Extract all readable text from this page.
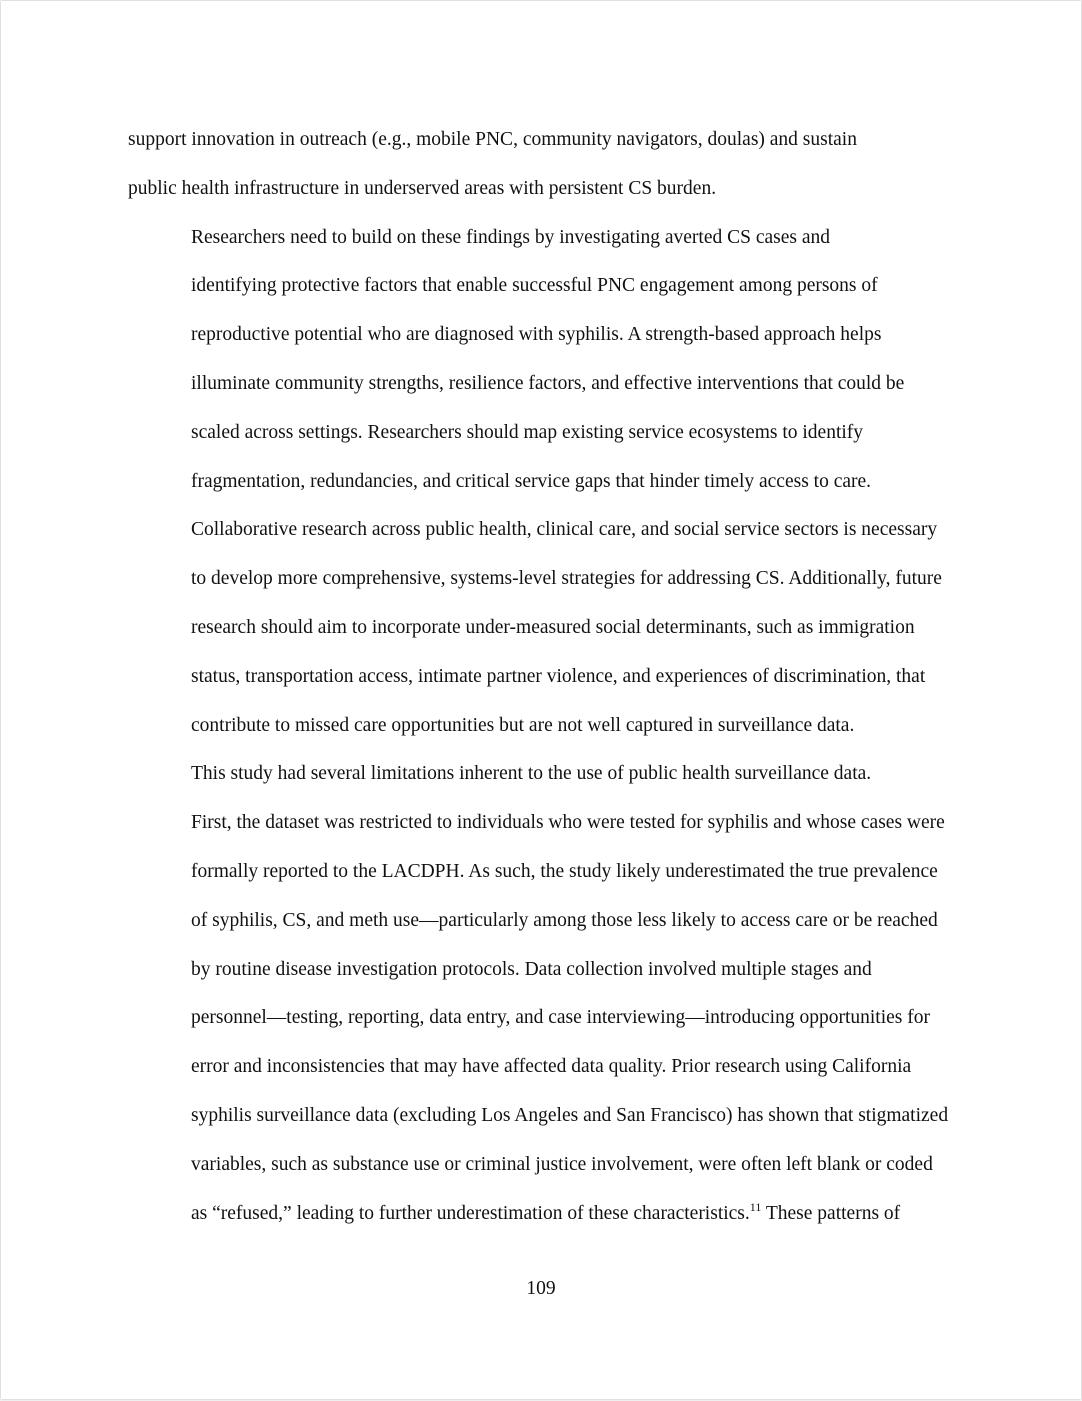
support innovation in outreach (e.g., mobile PNC, community navigators, doulas) and sustain
public health infrastructure in underserved areas with persistent CS burden.

Researchers need to build on these findings by investigating averted CS cases and
identifying protective factors that enable successful PNC engagement among persons of
reproductive potential who are diagnosed with syphilis. A strength-based approach helps
illuminate community strengths, resilience factors, and effective interventions that could be
scaled across settings. Researchers should map existing service ecosystems to identify
fragmentation, redundancies, and critical service gaps that hinder timely access to care.
Collaborative research across public health, clinical care, and social service sectors is necessary
to develop more comprehensive, systems-level strategies for addressing CS. Additionally, future
research should aim to incorporate under-measured social determinants, such as immigration
status, transportation access, intimate partner violence, and experiences of discrimination, that
contribute to missed care opportunities but are not well captured in surveillance data.

This study had several limitations inherent to the use of public health surveillance data.
First, the dataset was restricted to individuals who were tested for syphilis and whose cases were
formally reported to the LACDPH. As such, the study likely underestimated the true prevalence
of syphilis, CS, and meth use—particularly among those less likely to access care or be reached
by routine disease investigation protocols. Data collection involved multiple stages and
personnel—testing, reporting, data entry, and case interviewing—introducing opportunities for
error and inconsistencies that may have affected data quality. Prior research using California
syphilis surveillance data (excluding Los Angeles and San Francisco) has shown that stigmatized
variables, such as substance use or criminal justice involvement, were often left blank or coded
as “refused,” leading to further underestimation of these characteristics.$^{11}$ These patterns of

109
